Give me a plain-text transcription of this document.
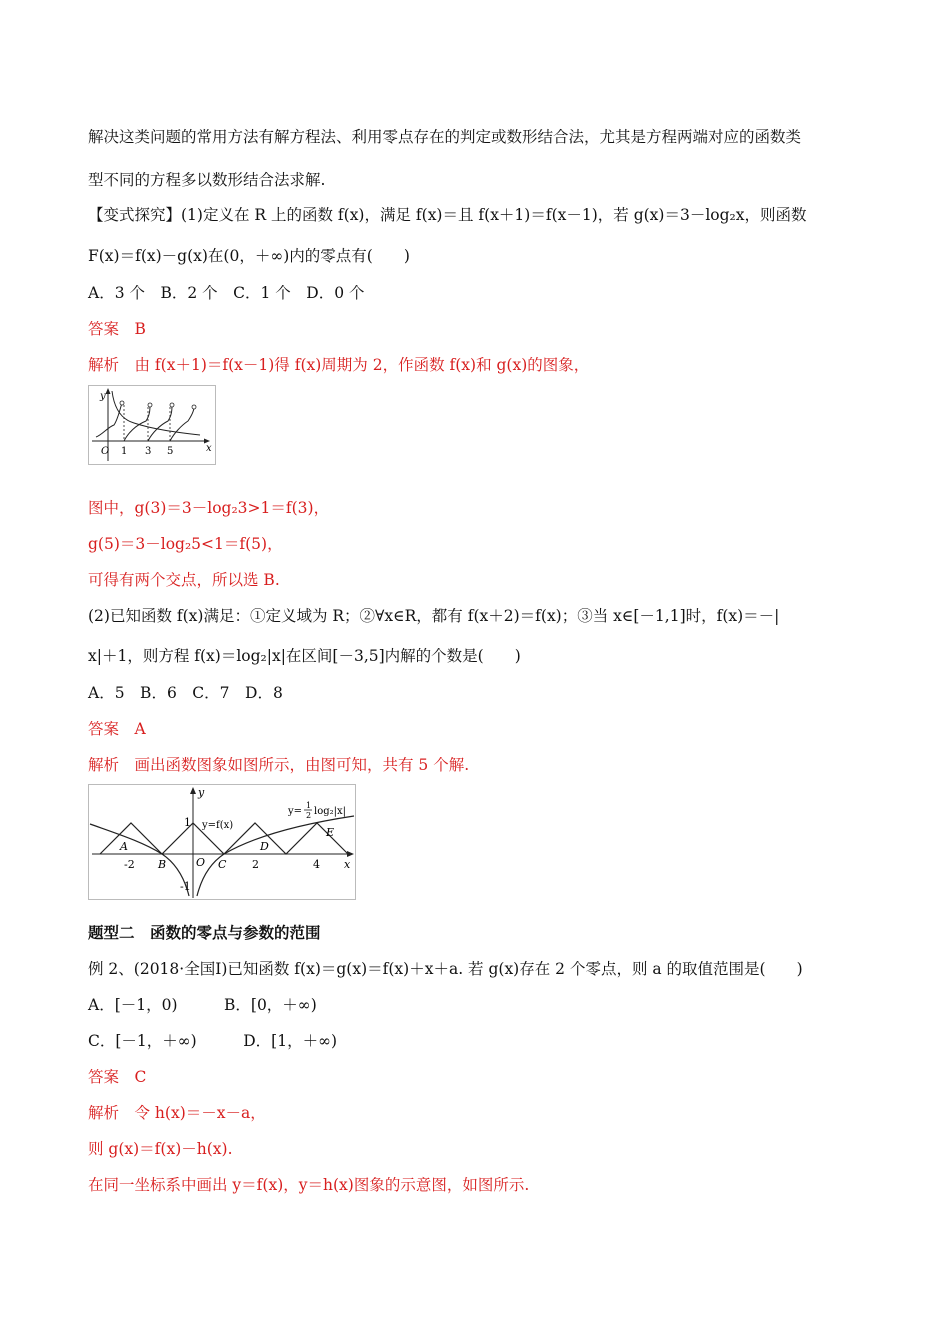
解决这类问题的常用方法有解方程法、利用零点存在的判定或数形结合法，尤其是方程两端对应的函数类
型不同的方程多以数形结合法求解.
【变式探究】(1)定义在 R 上的函数 f(x)，满足 f(x)＝且 f(x＋1)＝f(x－1)，若 g(x)＝3－log₂x，则函数
F(x)＝f(x)－g(x)在(0，＋∞)内的零点有(　　)
A．3 个　B．2 个　C．1 个　D．0 个
答案　B
解析　由 f(x＋1)＝f(x－1)得 f(x)周期为 2，作函数 f(x)和 g(x)的图象，
O	x
y
1 3 5
图中，g(3)＝3－log₂3>1＝f(3)，
g(5)＝3－log₂5<1＝f(5)，
可得有两个交点，所以选 B.
(2)已知函数 f(x)满足：①定义域为 R；②∀x∈R，都有 f(x＋2)＝f(x)；③当 x∈[－1,1]时，f(x)＝－|
x|＋1，则方程 f(x)＝log₂|x|在区间[－3,5]内解的个数是(　　)
A．5　B．6　C．7　D．8
答案　A
解析　画出函数图象如图所示，由图可知，共有 5 个解.
O	x
y
-2	2	4
1
-1
A
B	C
D
E
y=f(x)
y=
1
2 log₂|x|
题型二　函数的零点与参数的范围
例 2、(2018·全国Ⅰ)已知函数 f(x)＝g(x)＝f(x)＋x＋a. 若 g(x)存在 2 个零点，则 a 的取值范围是(　　)
A．[－1，0)　　　B．[0，＋∞)
C．[－1，＋∞)　　　D．[1，＋∞)
答案　C
解析　令 h(x)＝－x－a，
则 g(x)＝f(x)－h(x).
在同一坐标系中画出 y＝f(x)，y＝h(x)图象的示意图，如图所示.
